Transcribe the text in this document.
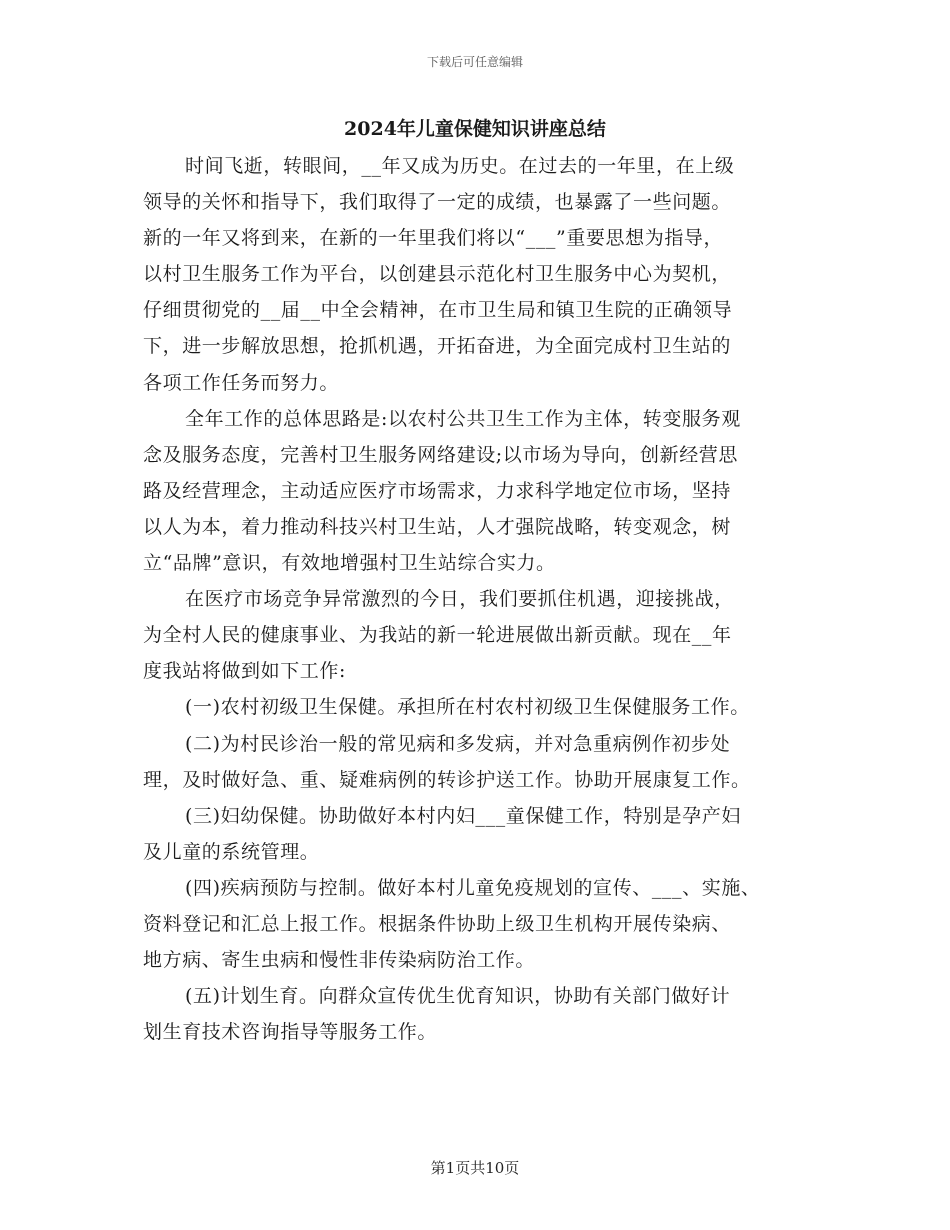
下载后可任意编辑
2024年儿童保健知识讲座总结
时间飞逝，转眼间，__年又成为历史。在过去的一年里，在上级
领导的关怀和指导下，我们取得了一定的成绩，也暴露了一些问题。
新的一年又将到来，在新的一年里我们将以“___”重要思想为指导，
以村卫生服务工作为平台，以创建县示范化村卫生服务中心为契机，
仔细贯彻党的__届__中全会精神，在市卫生局和镇卫生院的正确领导
下，进一步解放思想，抢抓机遇，开拓奋进，为全面完成村卫生站的
各项工作任务而努力。
全年工作的总体思路是:以农村公共卫生工作为主体，转变服务观
念及服务态度，完善村卫生服务网络建设;以市场为导向，创新经营思
路及经营理念，主动适应医疗市场需求，力求科学地定位市场，坚持
以人为本，着力推动科技兴村卫生站，人才强院战略，转变观念，树
立“品牌”意识，有效地增强村卫生站综合实力。
在医疗市场竞争异常激烈的今日，我们要抓住机遇，迎接挑战，
为全村人民的健康事业、为我站的新一轮进展做出新贡献。现在__年
度我站将做到如下工作:
(一)农村初级卫生保健。承担所在村农村初级卫生保健服务工作。
(二)为村民诊治一般的常见病和多发病，并对急重病例作初步处
理，及时做好急、重、疑难病例的转诊护送工作。协助开展康复工作。
(三)妇幼保健。协助做好本村内妇___童保健工作，特别是孕产妇
及儿童的系统管理。
(四)疾病预防与控制。做好本村儿童免疫规划的宣传、___、实施、
资料登记和汇总上报工作。根据条件协助上级卫生机构开展传染病、
地方病、寄生虫病和慢性非传染病防治工作。
(五)计划生育。向群众宣传优生优育知识，协助有关部门做好计
划生育技术咨询指导等服务工作。
第1页共10页
